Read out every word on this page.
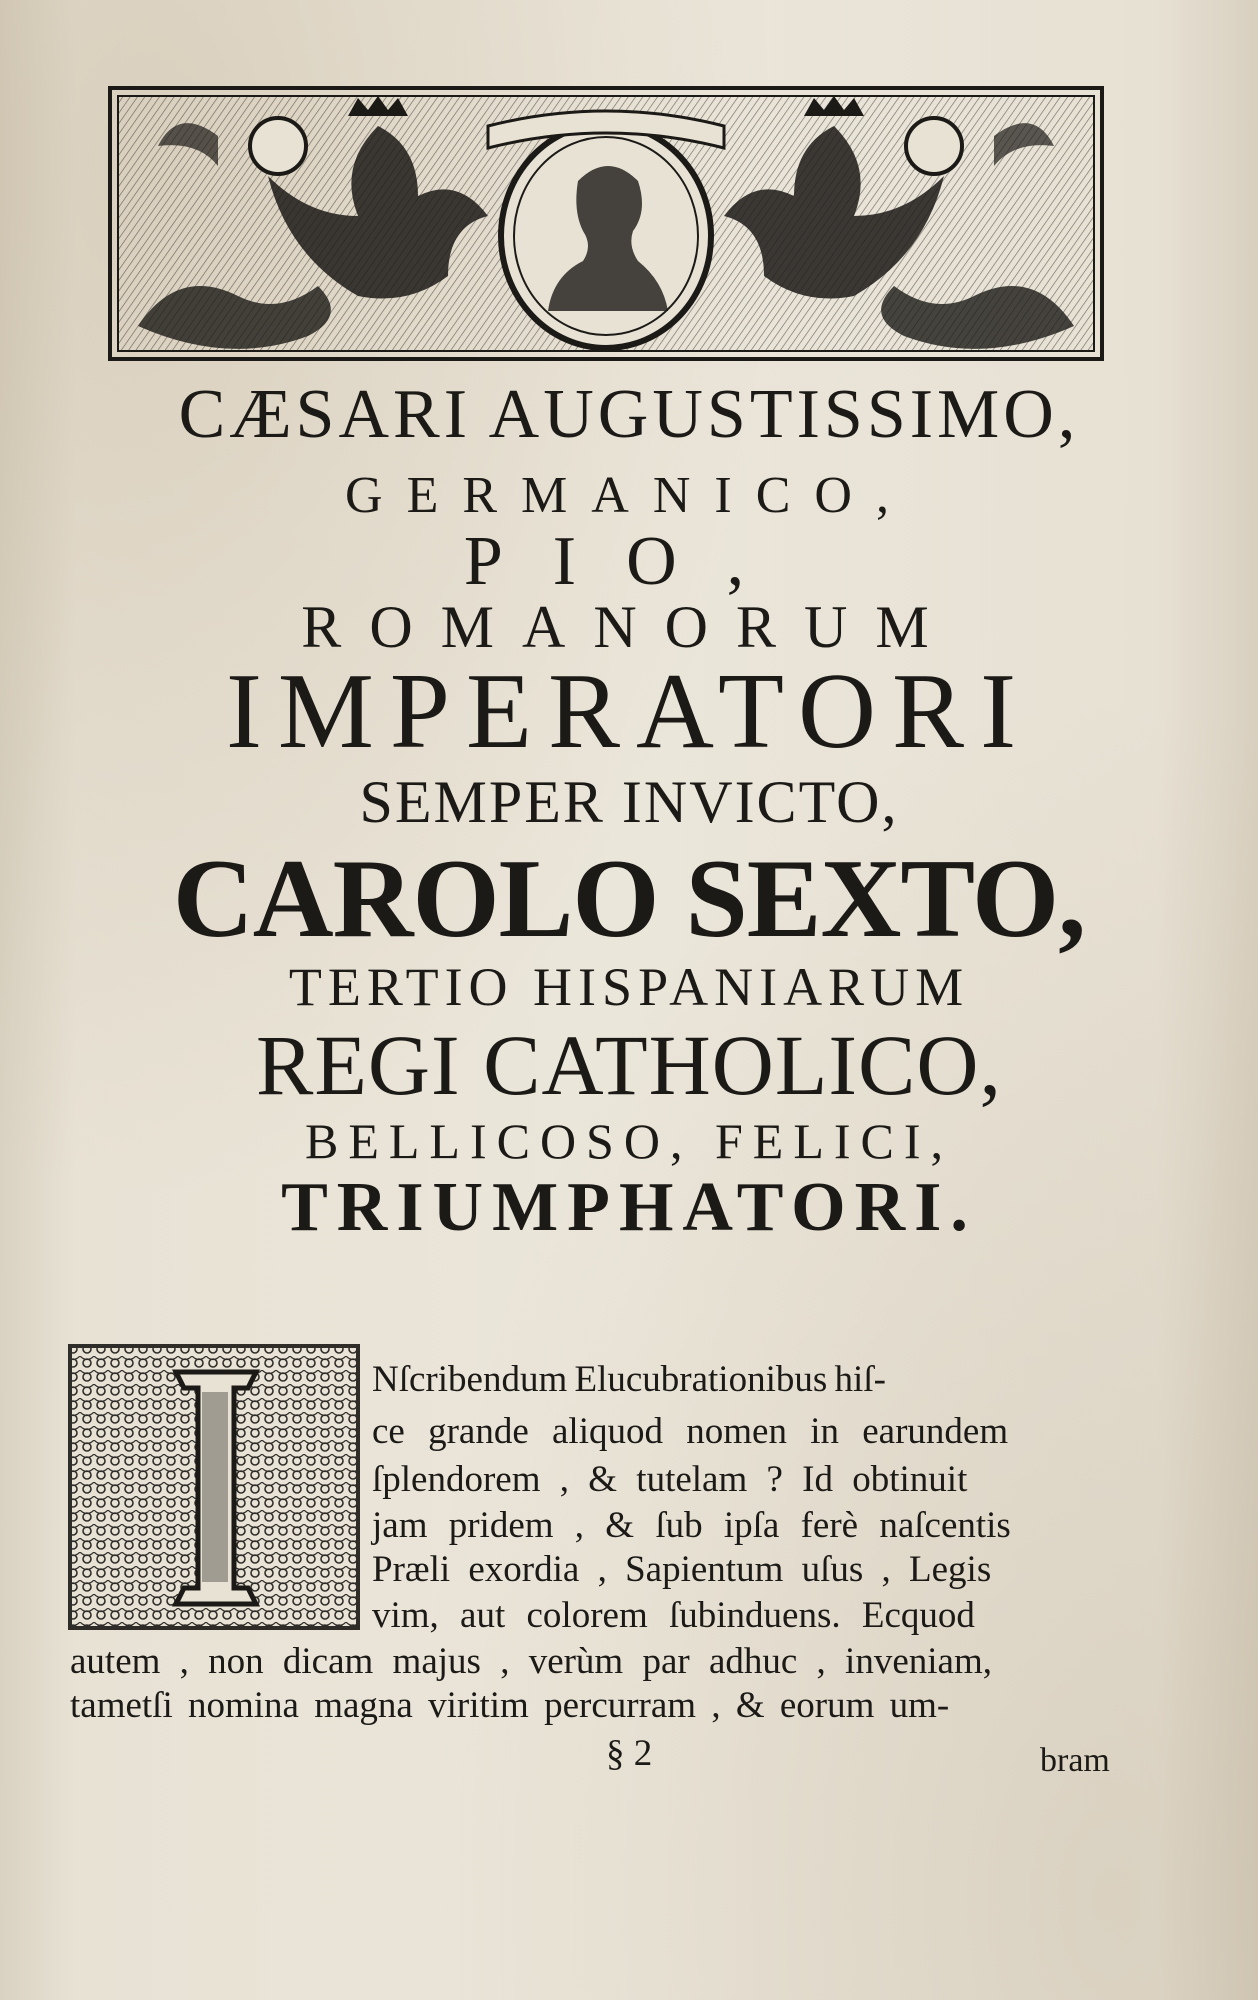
CÆSARI AUGUSTISSIMO,
GERMANICO,
PIO,
ROMANORUM
IMPERATORI
SEMPER INVICTO,
CAROLO SEXTO,
TERTIO HISPANIARUM
REGI CATHOLICO,
BELLICOSO, FELICI,
TRIUMPHATORI.
Nſcribendum Elucubrationibus hiſ-
ce grande aliquod nomen in earundem
ſplendorem , & tutelam ? Id obtinuit
jam pridem , & ſub ipſa ferè naſcentis
Præli exordia , Sapientum uſus , Legis
vim, aut colorem ſubinduens. Ecquod
autem , non dicam majus , verùm par adhuc , inveniam,
tametſi nomina magna viritim percurram , & eorum um-
§ 2	bram
